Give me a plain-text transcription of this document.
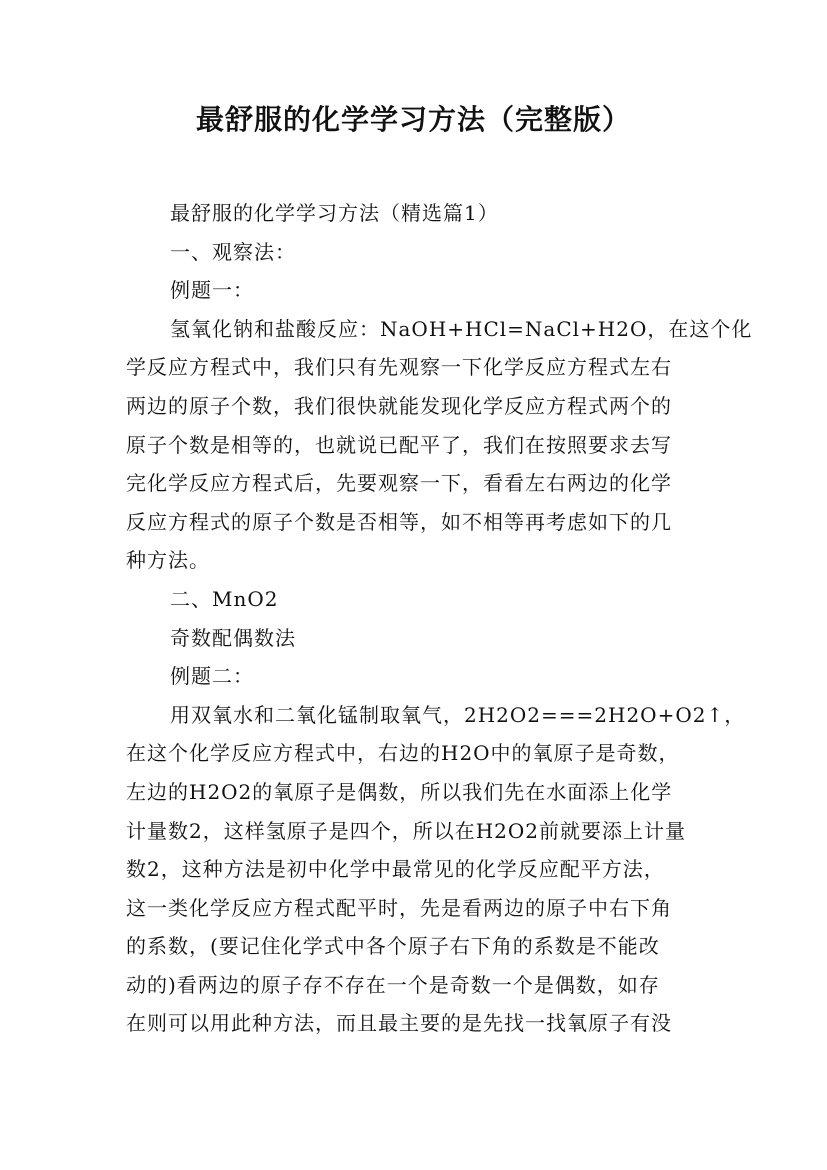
最舒服的化学学习方法（完整版）

最舒服的化学学习方法（精选篇1）

一、观察法：

例题一：

氢氧化钠和盐酸反应：NaOH+HCl=NaCl+H2O，在这个化

学反应方程式中，我们只有先观察一下化学反应方程式左右

两边的原子个数，我们很快就能发现化学反应方程式两个的

原子个数是相等的，也就说已配平了，我们在按照要求去写

完化学反应方程式后，先要观察一下，看看左右两边的化学

反应方程式的原子个数是否相等，如不相等再考虑如下的几

种方法。

二、MnO2

奇数配偶数法

例题二：

用双氧水和二氧化锰制取氧气，2H2O2===2H2O+O2↑，

在这个化学反应方程式中，右边的H2O中的氧原子是奇数，

左边的H2O2的氧原子是偶数，所以我们先在水面添上化学

计量数2，这样氢原子是四个，所以在H2O2前就要添上计量

数2，这种方法是初中化学中最常见的化学反应配平方法，

这一类化学反应方程式配平时，先是看两边的原子中右下角

的系数，(要记住化学式中各个原子右下角的系数是不能改

动的)看两边的原子存不存在一个是奇数一个是偶数，如存

在则可以用此种方法，而且最主要的是先找一找氧原子有没
